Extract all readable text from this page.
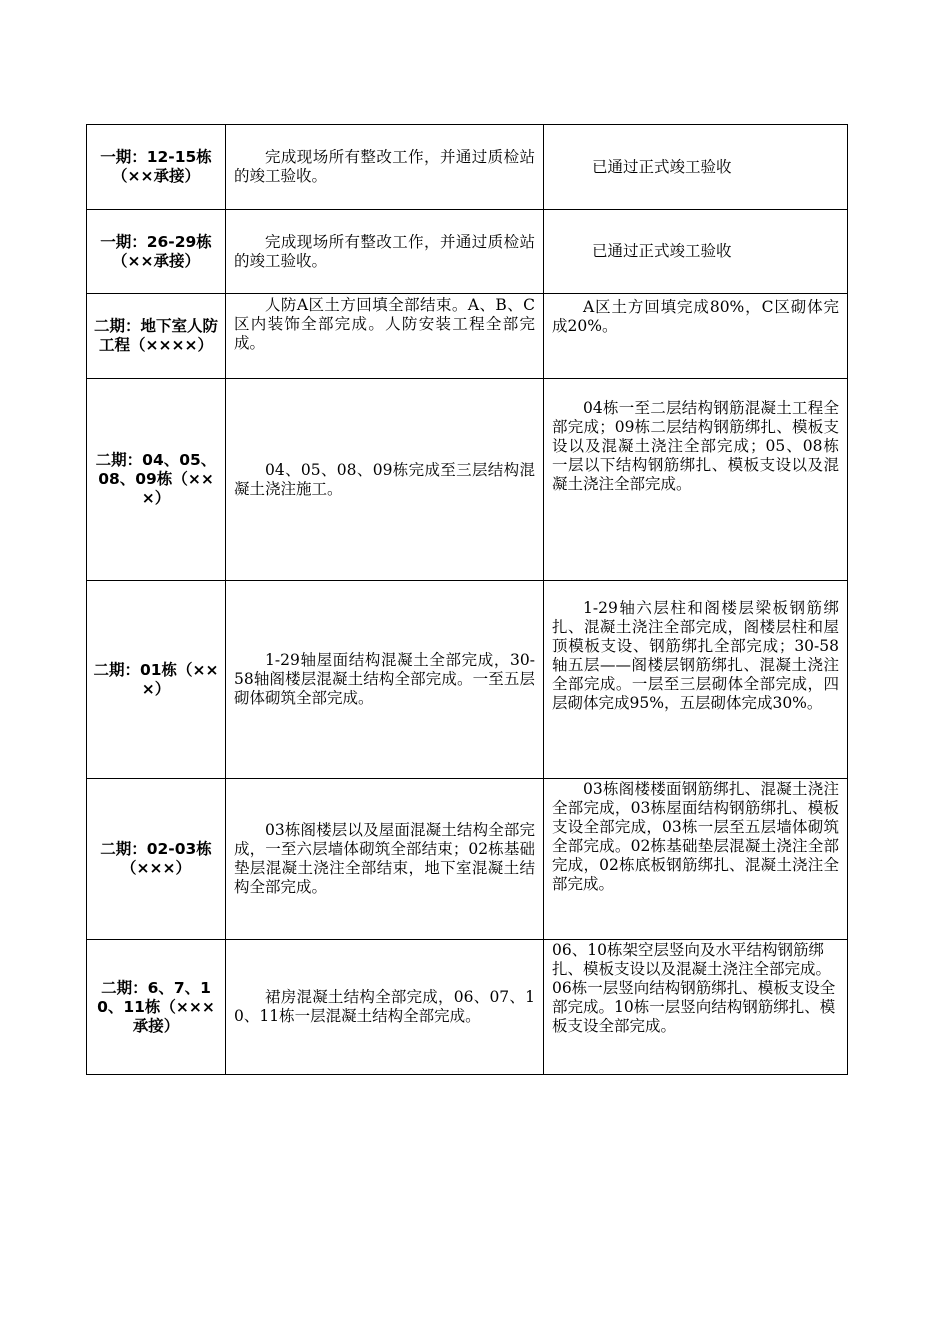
一期：12-15栋（××承接）	完成现场所有整改工作，并通过质检站的竣工验收。	已通过正式竣工验收

一期：26-29栋（××承接）	完成现场所有整改工作，并通过质检站的竣工验收。	已通过正式竣工验收

二期：地下室人防工程（××××）	人防A区土方回填全部结束。A、B、C区内装饰全部完成。人防安装工程全部完成。	A区土方回填完成80%，C区砌体完成20%。

二期：04、05、08、09栋（×××）	04、05、08、09栋完成至三层结构混凝土浇注施工。	04栋一至二层结构钢筋混凝土工程全部完成；09栋二层结构钢筋绑扎、模板支设以及混凝土浇注全部完成；05、08栋一层以下结构钢筋绑扎、模板支设以及混凝土浇注全部完成。

二期：01栋（×××）	1-29轴屋面结构混凝土全部完成，30-58轴阁楼层混凝土结构全部完成。一至五层砌体砌筑全部完成。	1-29轴六层柱和阁楼层梁板钢筋绑扎、混凝土浇注全部完成，阁楼层柱和屋顶模板支设、钢筋绑扎全部完成；30-58轴五层——阁楼层钢筋绑扎、混凝土浇注全部完成。一层至三层砌体全部完成，四层砌体完成95%，五层砌体完成30%。

二期：02-03栋（×××）	03栋阁楼层以及屋面混凝土结构全部完成，一至六层墙体砌筑全部结束；02栋基础垫层混凝土浇注全部结束，地下室混凝土结构全部完成。	03栋阁楼楼面钢筋绑扎、混凝土浇注全部完成，03栋屋面结构钢筋绑扎、模板支设全部完成，03栋一层至五层墙体砌筑全部完成。02栋基础垫层混凝土浇注全部完成，02栋底板钢筋绑扎、混凝土浇注全部完成。

二期：6、7、10、11栋（×××承接）	裙房混凝土结构全部完成，06、07、10、11栋一层混凝土结构全部完成。	06、10栋架空层竖向及水平结构钢筋绑扎、模板支设以及混凝土浇注全部完成。06栋一层竖向结构钢筋绑扎、模板支设全部完成。10栋一层竖向结构钢筋绑扎、模板支设全部完成。
